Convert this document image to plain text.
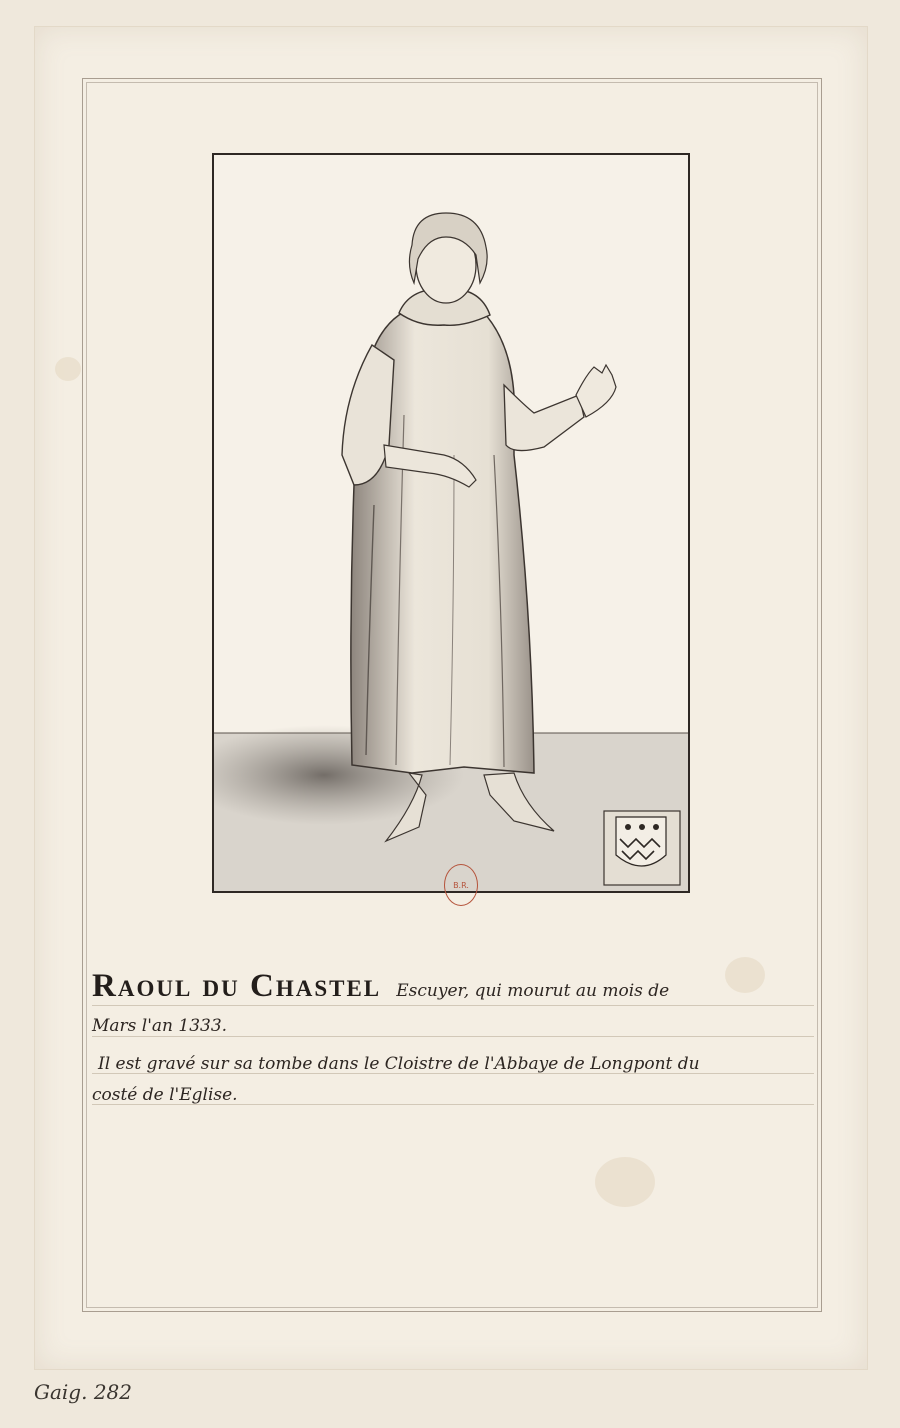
B.R.
Raoul du Chastel Escuyer, qui mourut au mois de
Mars l'an 1333.
Il est gravé sur sa tombe dans le Cloistre de l'Abbaye de Longpont du
costé de l'Eglise.
Gaig. 282
